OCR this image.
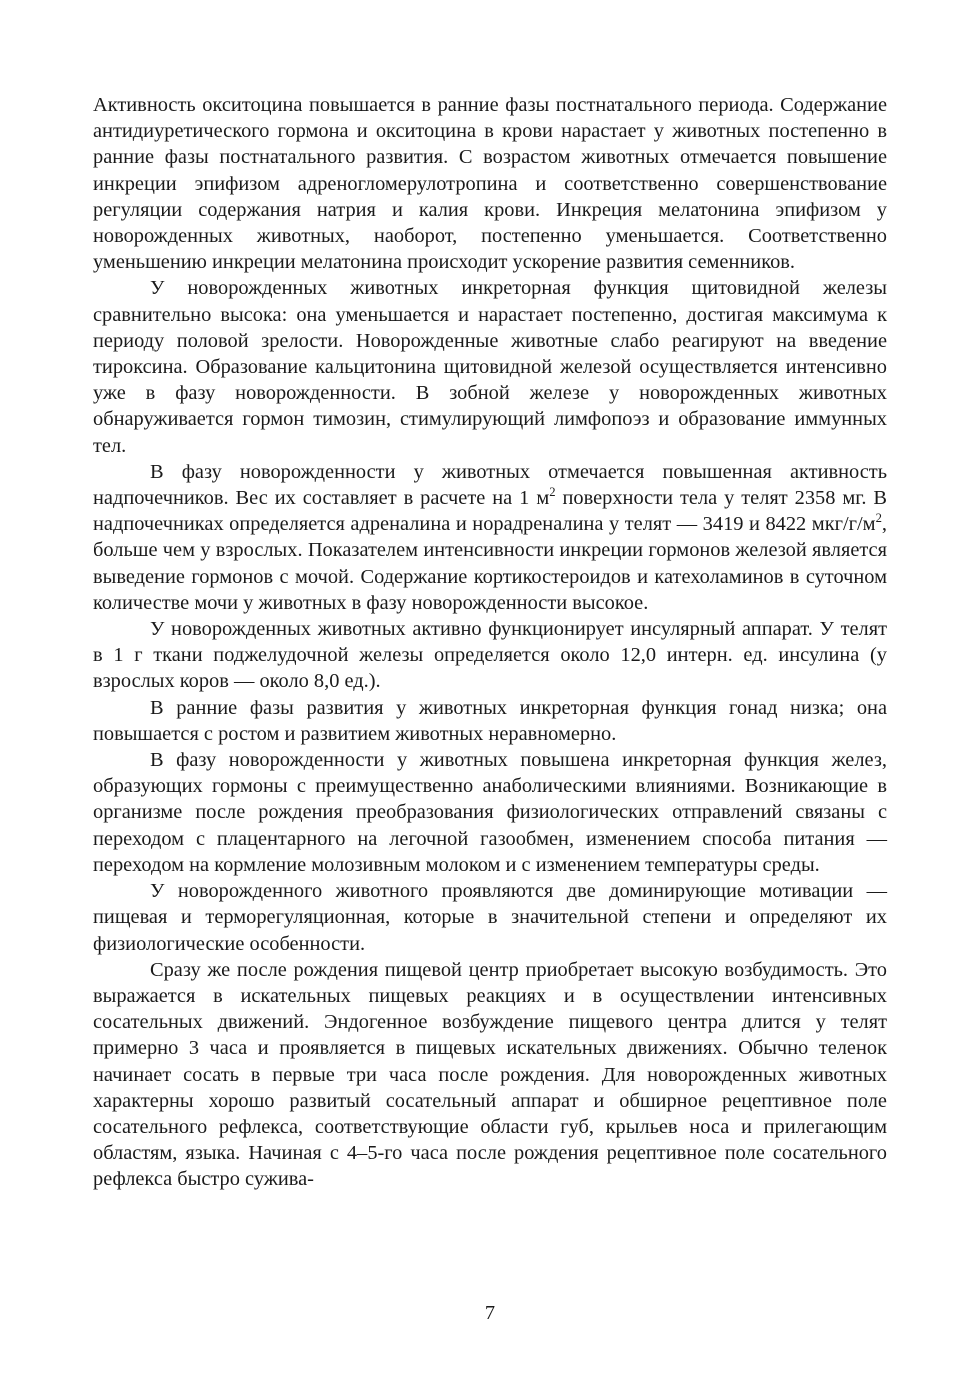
Активность окситоцина повышается в ранние фазы постнатального периода. Содержание антидиуретического гормона и окситоцина в крови нарастает у животных постепенно в ранние фазы постнатального развития. С возрастом животных отмечается повышение инкреции эпифизом адреногломерулотропина и соответственно совершенствование регуляции содержания натрия и калия крови. Инкреция мелатонина эпифизом у новорожденных животных, наоборот, постепенно уменьшается. Соответственно уменьшению инкреции мелатонина происходит ускорение развития семенников.

У новорожденных животных инкреторная функция щитовидной железы сравнительно высока: она уменьшается и нарастает постепенно, достигая максимума к периоду половой зрелости. Новорожденные животные слабо реагируют на введение тироксина. Образование кальцитонина щитовидной железой осуществляется интенсивно уже в фазу новорожденности. В зобной железе у новорожденных животных обнаруживается гормон тимозин, стимулирующий лимфопоэз и образование иммунных тел.

В фазу новорожденности у животных отмечается повышенная активность надпочечников. Вес их составляет в расчете на 1 $м^2$ поверхности тела у телят 2358 мг. В надпочечниках определяется адреналина и норадреналина у телят — 3419 и 8422 мкг/$г/м^2$, больше чем у взрослых. Показателем интенсивности инкреции гормонов железой является выведение гормонов с мочой. Содержание кортикостероидов и катехоламинов в суточном количестве мочи у животных в фазу новорожденности высокое.

У новорожденных животных активно функционирует инсулярный аппарат. У телят в 1 г ткани поджелудочной железы определяется около 12,0 интерн. ед. инсулина (у взрослых коров — около 8,0 ед.).

В ранние фазы развития у животных инкреторная функция гонад низка; она повышается с ростом и развитием животных неравномерно.

В фазу новорожденности у животных повышена инкреторная функция желез, образующих гормоны с преимущественно анаболическими влияниями. Возникающие в организме после рождения преобразования физиологических отправлений связаны с переходом с плацентарного на легочной газообмен, изменением способа питания — переходом на кормление молозивным молоком и с изменением температуры среды.

У новорожденного животного проявляются две доминирующие мотивации — пищевая и терморегуляционная, которые в значительной степени и определяют их физиологические особенности.

Сразу же после рождения пищевой центр приобретает высокую возбудимость. Это выражается в искательных пищевых реакциях и в осуществлении интенсивных сосательных движений. Эндогенное возбуждение пищевого центра длится у телят примерно 3 часа и проявляется в пищевых искательных движениях. Обычно теленок начинает сосать в первые три часа после рождения. Для новорожденных животных характерны хорошо развитый сосательный аппарат и обширное рецептивное поле сосательного рефлекса, соответствующие области губ, крыльев носа и прилегающим областям, языка. Начиная с 4–5-го часа после рождения рецептивное поле сосательного рефлекса быстро сужива-

7
